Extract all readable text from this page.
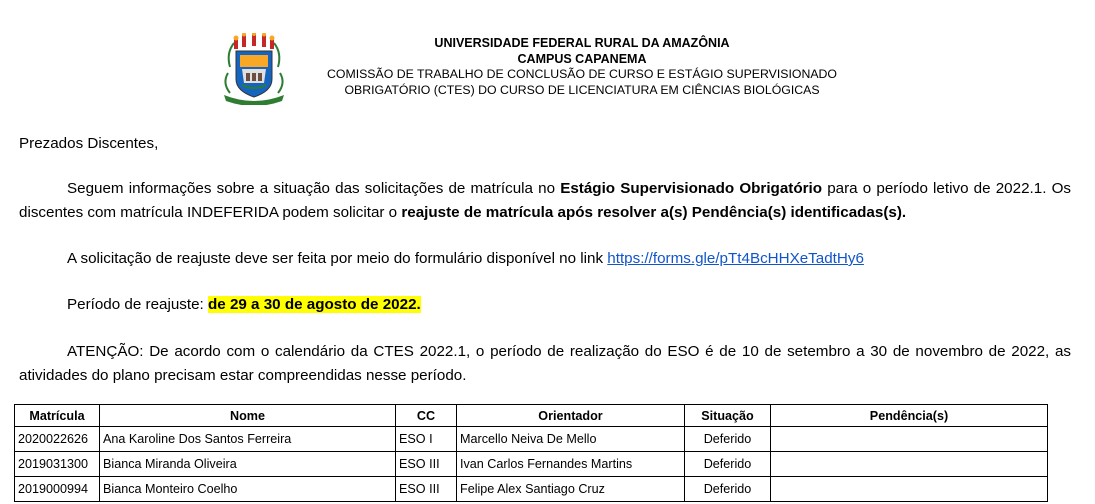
UNIVERSIDADE FEDERAL RURAL DA AMAZÔNIA
CAMPUS CAPANEMA
COMISSÃO DE TRABALHO DE CONCLUSÃO DE CURSO E ESTÁGIO SUPERVISIONADO
OBRIGATÓRIO (CTES) DO CURSO DE LICENCIATURA EM CIÊNCIAS BIOLÓGICAS
Prezados Discentes,
Seguem informações sobre a situação das solicitações de matrícula no Estágio Supervisionado Obrigatório para o período letivo de 2022.1. Os discentes com matrícula INDEFERIDA podem solicitar o reajuste de matrícula após resolver a(s) Pendência(s) identificadas(s).
A solicitação de reajuste deve ser feita por meio do formulário disponível no link https://forms.gle/pTt4BcHHXeTadtHy6
Período de reajuste: de 29 a 30 de agosto de 2022.
ATENÇÃO: De acordo com o calendário da CTES 2022.1, o período de realização do ESO é de 10 de setembro a 30 de novembro de 2022, as atividades do plano precisam estar compreendidas nesse período.
Matrícula	Nome	CC	Orientador	Situação	Pendência(s)
2020022626	Ana Karoline Dos Santos Ferreira	ESO I	Marcello Neiva De Mello	Deferido	
2019031300	Bianca Miranda Oliveira	ESO III	Ivan Carlos Fernandes Martins	Deferido	
2019000994	Bianca Monteiro Coelho	ESO III	Felipe Alex Santiago Cruz	Deferido	
